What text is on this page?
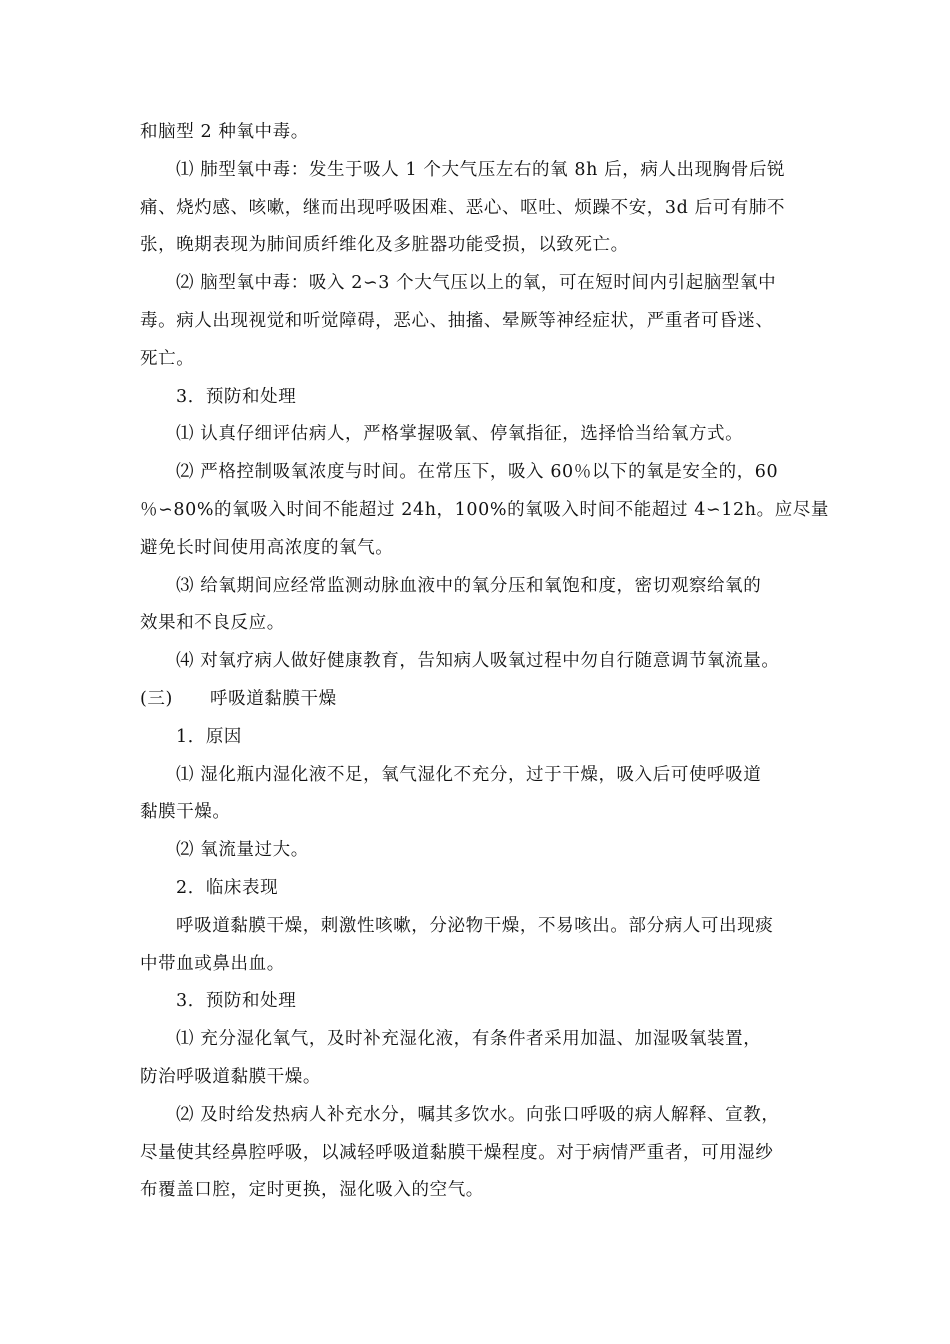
和脑型 2 种氧中毒。
⑴ 肺型氧中毒：发生于吸人 1 个大气压左右的氧 8h 后，病人出现胸骨后锐
痛、烧灼感、咳嗽，继而出现呼吸困难、恶心、呕吐、烦躁不安，3d 后可有肺不
张，晚期表现为肺间质纤维化及多脏器功能受损，以致死亡。
⑵ 脑型氧中毒：吸入 2∽3 个大气压以上的氧，可在短时间内引起脑型氧中
毒。病人出现视觉和听觉障碍，恶心、抽搐、晕厥等神经症状，严重者可昏迷、
死亡。
3．预防和处理
⑴ 认真仔细评估病人，严格掌握吸氧、停氧指征，选择恰当给氧方式。
⑵ 严格控制吸氧浓度与时间。在常压下，吸入 60％以下的氧是安全的，60
％∽80%的氧吸入时间不能超过 24h，100%的氧吸入时间不能超过 4∽12h。应尽量
避免长时间使用高浓度的氧气。
⑶ 给氧期间应经常监测动脉血液中的氧分压和氧饱和度，密切观察给氧的
效果和不良反应。
⑷ 对氧疗病人做好健康教育，告知病人吸氧过程中勿自行随意调节氧流量。
(三) 呼吸道黏膜干燥
1．原因
⑴ 湿化瓶内湿化液不足，氧气湿化不充分，过于干燥，吸入后可使呼吸道
黏膜干燥。
⑵ 氧流量过大。
2．临床表现
呼吸道黏膜干燥，刺激性咳嗽，分泌物干燥，不易咳出。部分病人可出现痰
中带血或鼻出血。
3．预防和处理
⑴ 充分湿化氧气，及时补充湿化液，有条件者采用加温、加湿吸氧装置，
防治呼吸道黏膜干燥。
⑵ 及时给发热病人补充水分，嘱其多饮水。向张口呼吸的病人解释、宣教，
尽量使其经鼻腔呼吸，以减轻呼吸道黏膜干燥程度。对于病情严重者，可用湿纱
布覆盖口腔，定时更换，湿化吸入的空气。
